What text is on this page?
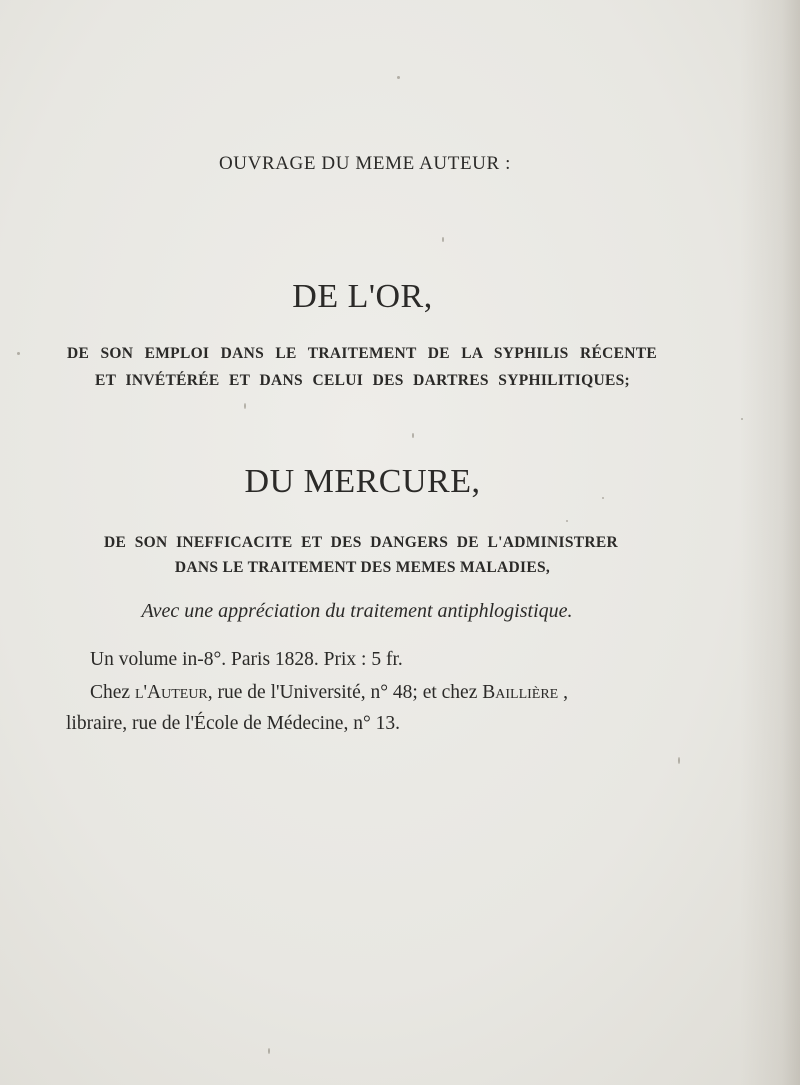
OUVRAGE DU MEME AUTEUR :
DE L'OR,
DE SON EMPLOI DANS LE TRAITEMENT DE LA SYPHILIS RÉCENTE
ET INVÉTÉRÉE ET DANS CELUI DES DARTRES SYPHILITIQUES;
DU MERCURE,
DE SON INEFFICACITE ET DES DANGERS DE L'ADMINISTRER
DANS LE TRAITEMENT DES MEMES MALADIES,
Avec une appréciation du traitement antiphlogistique.
Un volume in-8°. Paris 1828. Prix : 5 fr.
Chez l'Auteur, rue de l'Université, n° 48; et chez Baillière ,
libraire, rue de l'École de Médecine, n° 13.
